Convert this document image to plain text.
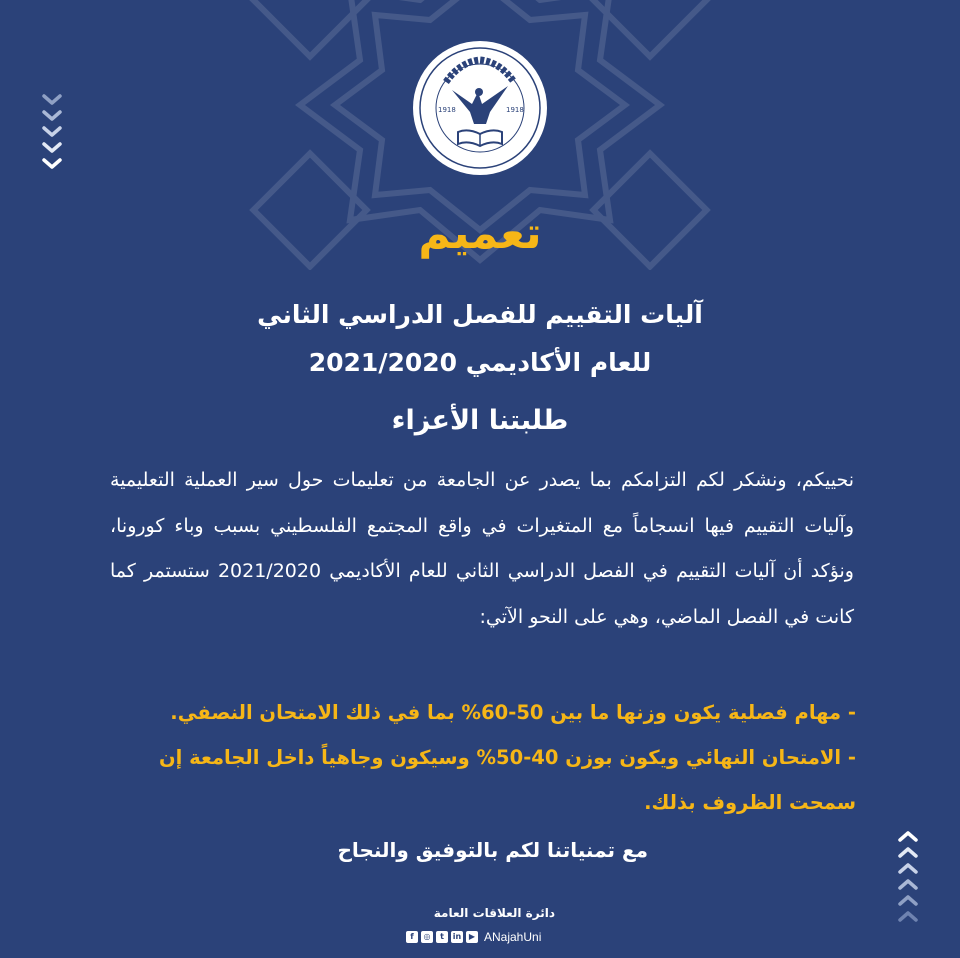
1918	1918
تعميم
آليات التقييم للفصل الدراسي الثاني
للعام الأكاديمي 2021/2020
طلبتنا الأعزاء
نحييكم، ونشكر لكم التزامكم بما يصدر عن الجامعة من تعليمات حول سير العملية التعليمية وآليات التقييم فيها انسجاماً مع المتغيرات في واقع المجتمع الفلسطيني بسبب وباء كورونا، ونؤكد أن آليات التقييم في الفصل الدراسي الثاني للعام الأكاديمي 2021/2020 ستستمر كما كانت في الفصل الماضي، وهي على النحو الآتي:
- مهام فصلية يكون وزنها ما بين 50-60% بما في ذلك الامتحان النصفي.
- الامتحان النهائي ويكون بوزن 40-50% وسيكون وجاهياً داخل الجامعة إن سمحت الظروف بذلك.
مع تمنياتنا لكم بالتوفيق والنجاح
دائرة العلاقات العامة
f	◎	t	in ▶ ANajahUni
